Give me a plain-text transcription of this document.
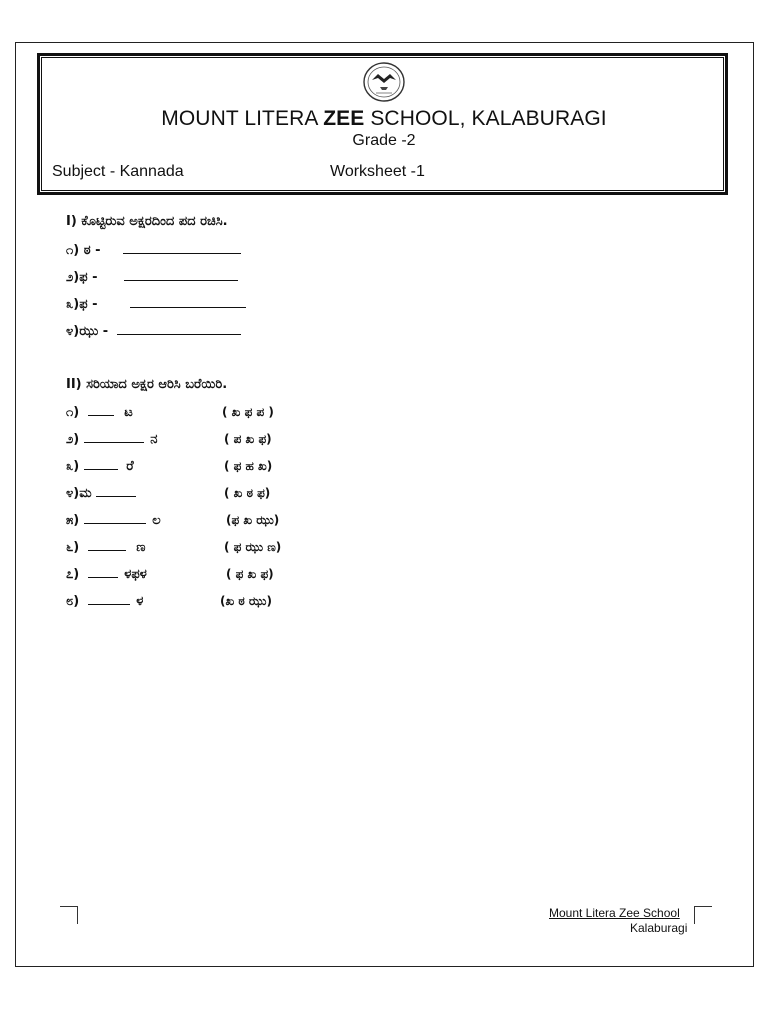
MOUNT LITERA ZEE SCHOOL, KALABURAGI
Grade -2
Subject - Kannada	Worksheet -1
I) ಕೊಟ್ಟಿರುವ ಅಕ್ಷರದಿಂದ ಪದ ರಚಿಸಿ.
೧) ಠ -
೨)ಫ -
೩)ಫ -
೪)ಝು -
II) ಸರಿಯಾದ ಅಕ್ಷರ ಆರಿಸಿ ಬರೆಯಿರಿ.
೧)	ಟ	( ಖ ಫ ಪ )
೨)	ನ	( ಪ ಖ ಫ)
೩)	ರೆ	( ಫ ಹ ಖ)
೪)ಮ	( ಖ ಠ ಫ)
೫)	ಲ	(ಫ ಖ ಝು)
೬)	ಣ	( ಫ ಝು ಣ)
೭)	ಳಫಳ	( ಫ ಖ ಫ)
೮)	ಳ	(ಖ ಠ ಝು)
Mount Litera Zee School
Kalaburagi
